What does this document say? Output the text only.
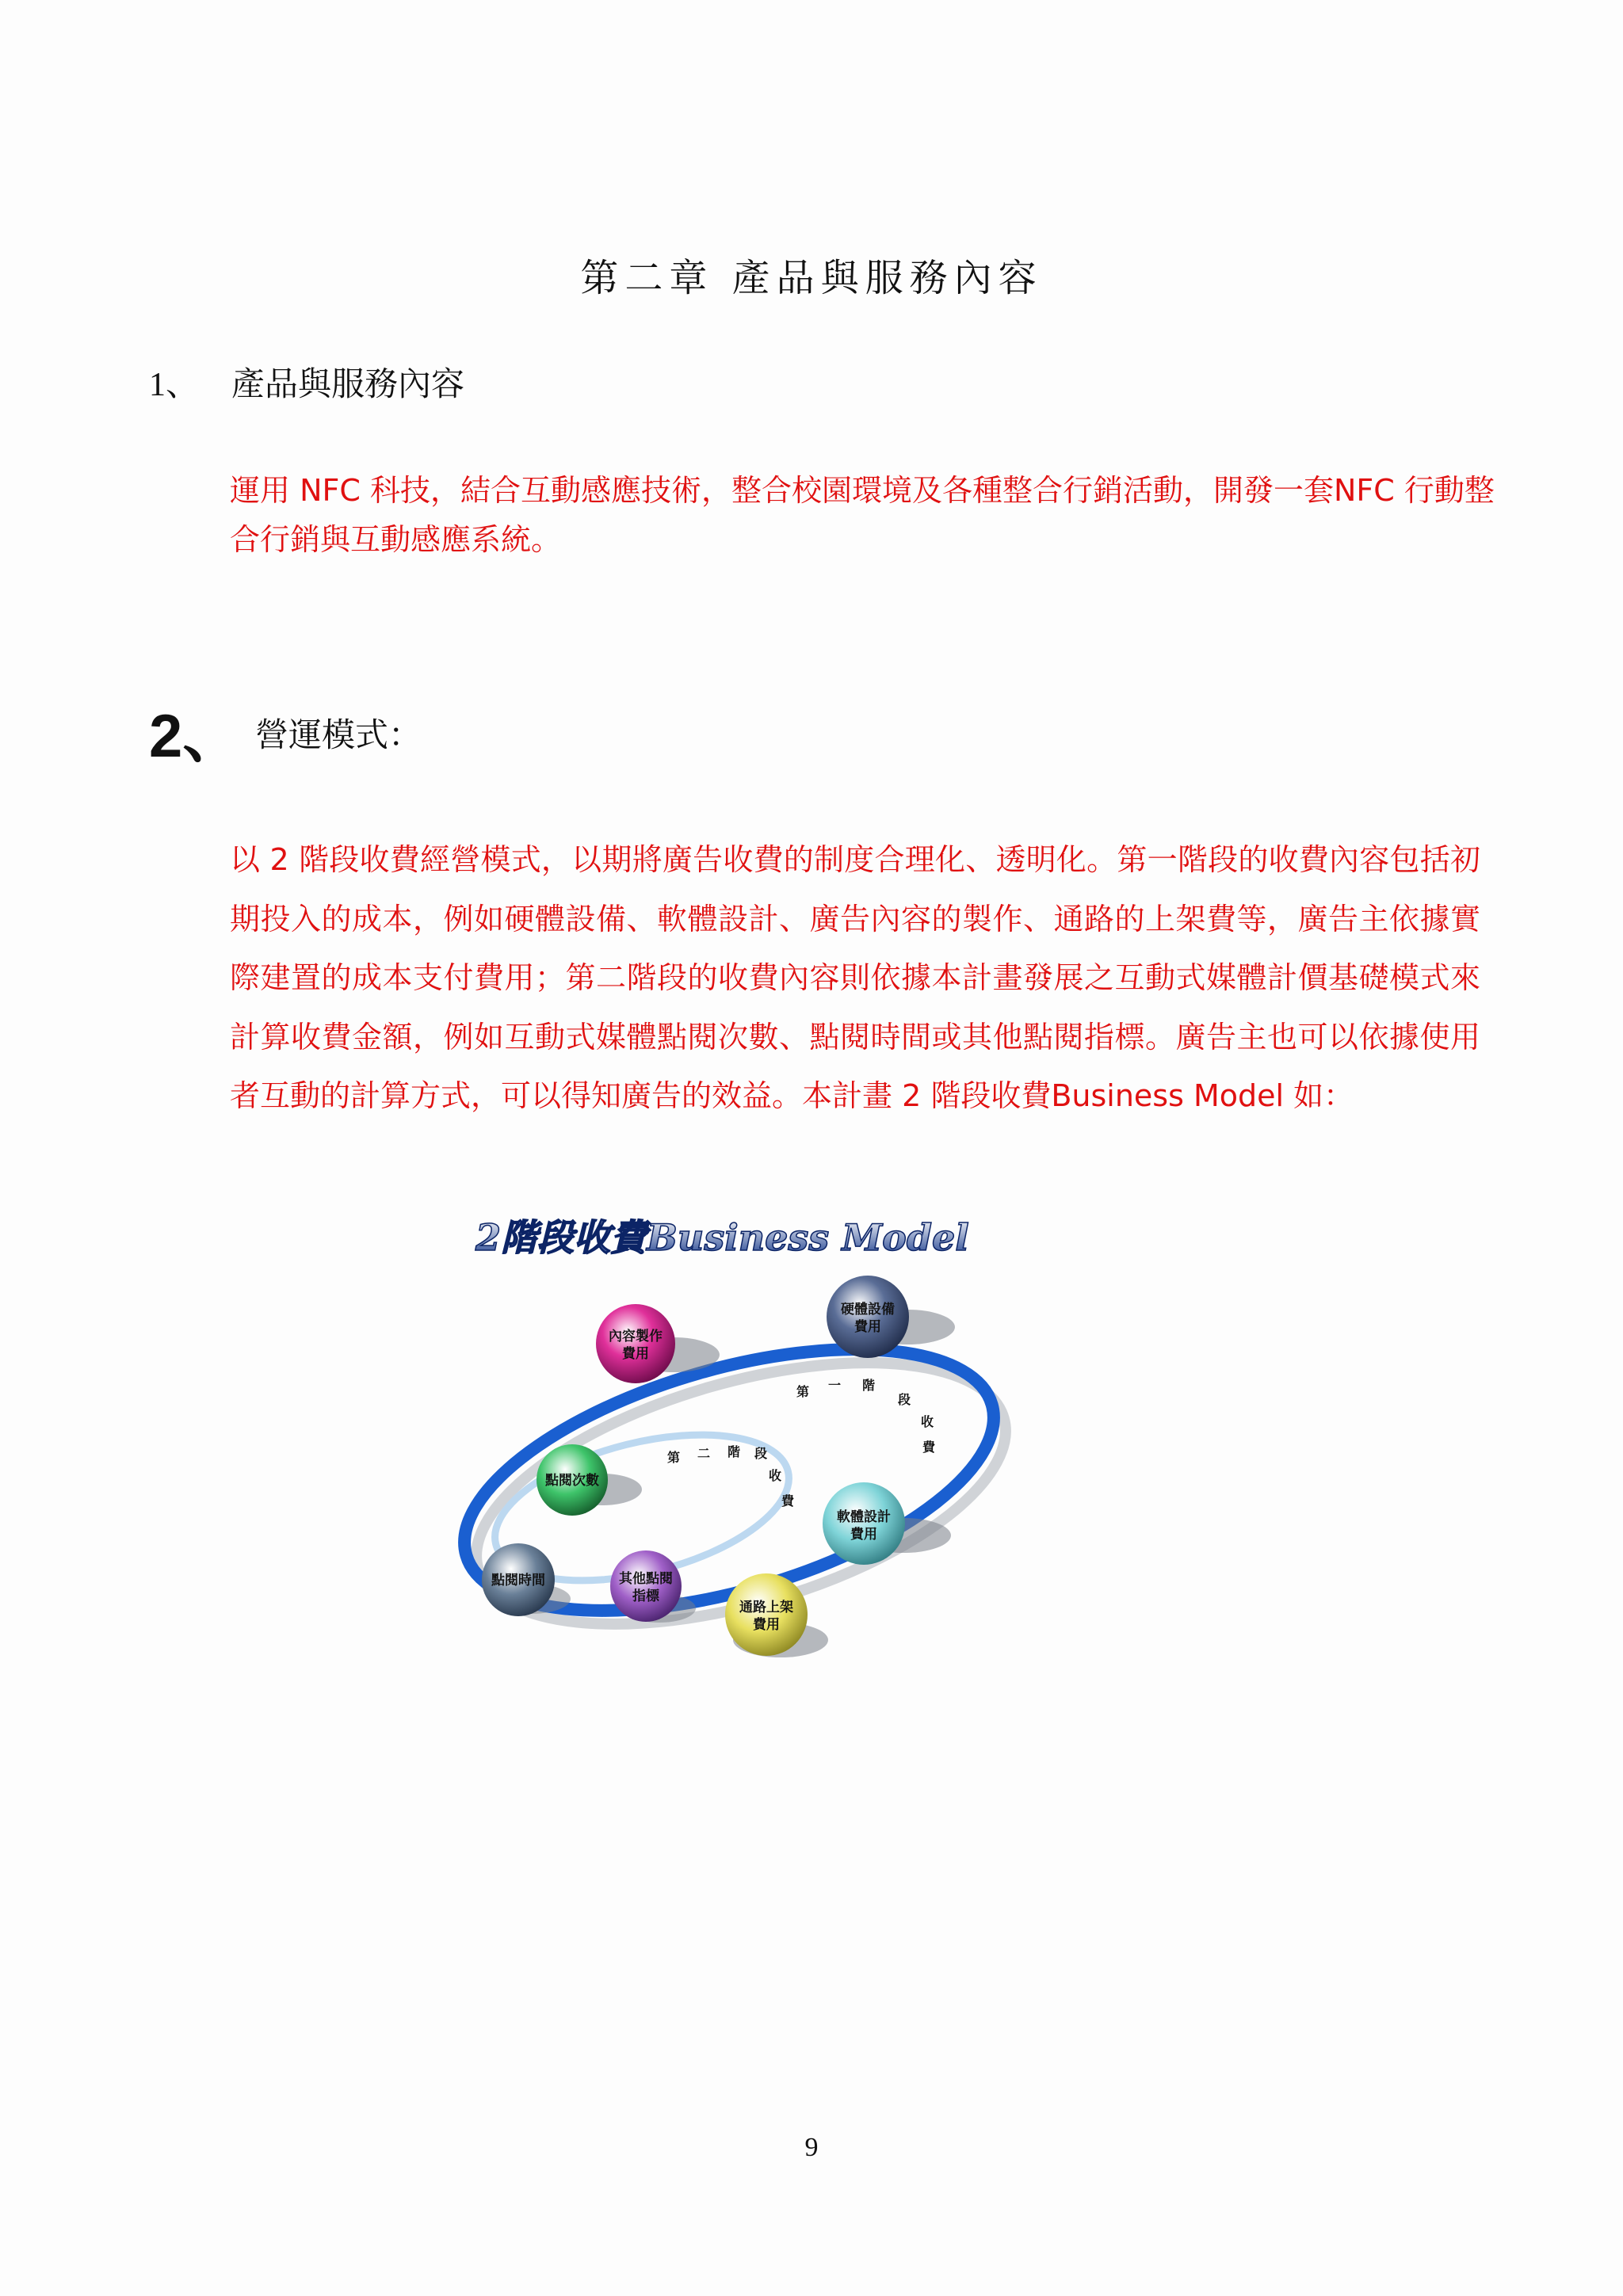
第二章 產品與服務內容
1、 產品與服務內容
運用 NFC 科技，結合互動感應技術，整合校園環境及各種整合行銷活動，開發一套NFC 行動整合行銷與互動感應系統。
2、 營運模式：
以 2 階段收費經營模式，以期將廣告收費的制度合理化、透明化。第一階段的收費內容包括初期投入的成本，例如硬體設備、軟體設計、廣告內容的製作、通路的上架費等，廣告主依據實際建置的成本支付費用；第二階段的收費內容則依據本計畫發展之互動式媒體計價基礎模式來計算收費金額，例如互動式媒體點閱次數、點閱時間或其他點閱指標。廣告主也可以依據使用者互動的計算方式，可以得知廣告的效益。本計畫 2 階段收費Business Model 如：
2階段收費Business Model
第 一 階
段
收
費
第 二 階 段
收
費
內容製作
費用
硬體設備
費用
軟體設計
費用
通路上架
費用
點閱次數
點閱時間	其他點閱
指標
9
